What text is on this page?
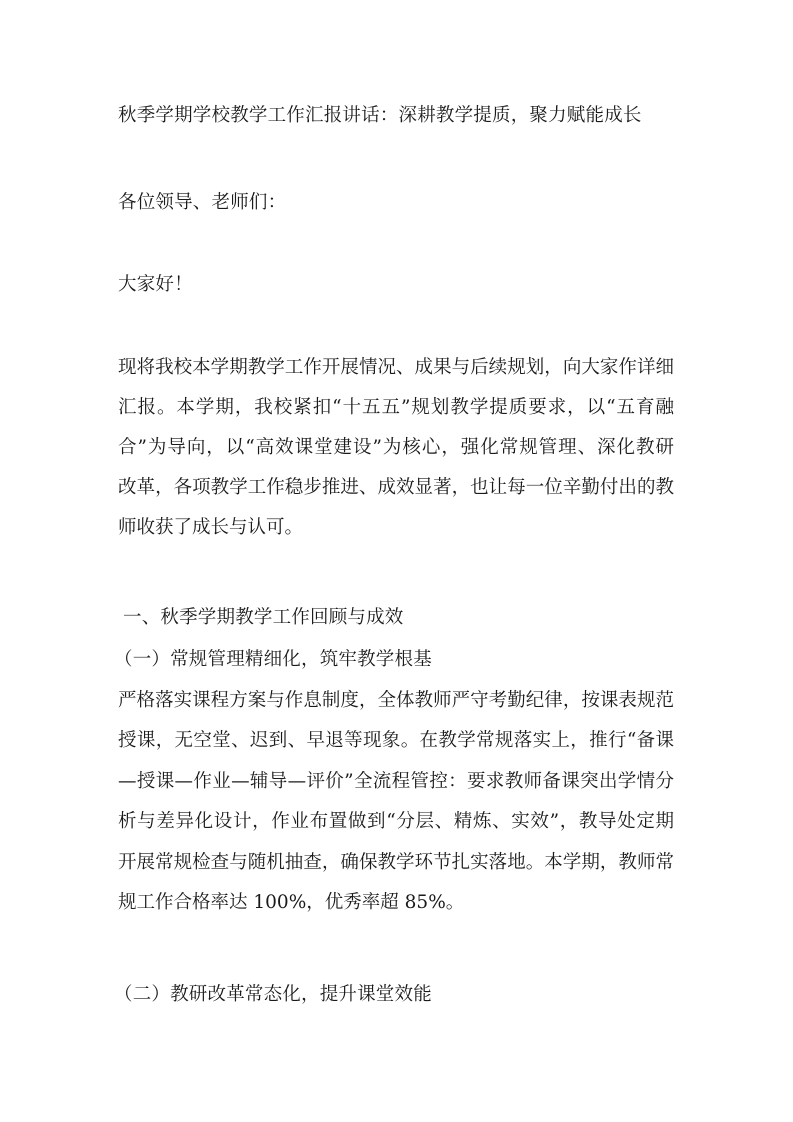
秋季学期学校教学工作汇报讲话：深耕教学提质，聚力赋能成长
各位领导、老师们：
大家好！
现将我校本学期教学工作开展情况、成果与后续规划，向大家作详细
汇报。本学期，我校紧扣“十五五”规划教学提质要求，以“五育融
合”为导向，以“高效课堂建设”为核心，强化常规管理、深化教研
改革，各项教学工作稳步推进、成效显著，也让每一位辛勤付出的教
师收获了成长与认可。
一、秋季学期教学工作回顾与成效
（一）常规管理精细化，筑牢教学根基
严格落实课程方案与作息制度，全体教师严守考勤纪律，按课表规范
授课，无空堂、迟到、早退等现象。在教学常规落实上，推行“备课
—授课—作业—辅导—评价”全流程管控：要求教师备课突出学情分
析与差异化设计，作业布置做到“分层、精炼、实效”，教导处定期
开展常规检查与随机抽查，确保教学环节扎实落地。本学期，教师常
规工作合格率达 100%，优秀率超 85%。
（二）教研改革常态化，提升课堂效能
